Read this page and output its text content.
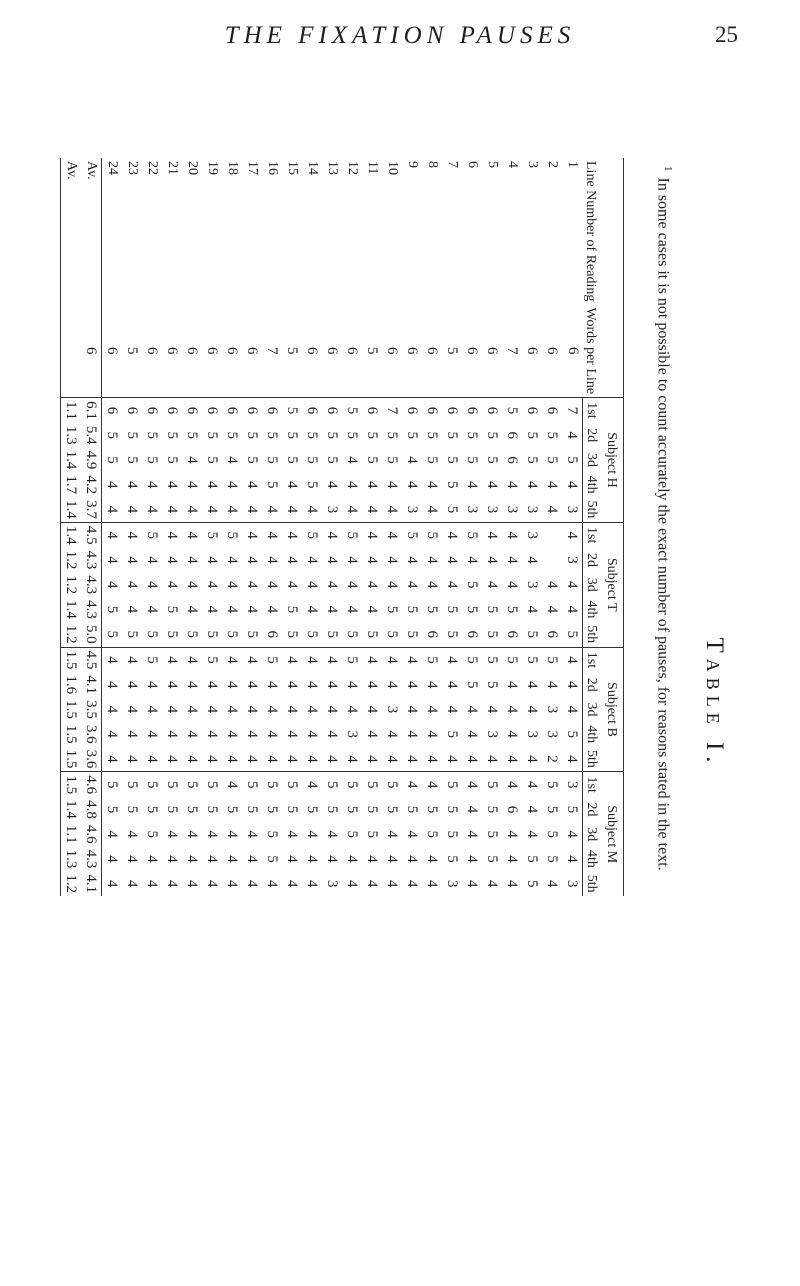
THE FIXATION PAUSES	25
Table I.
$^1$In some cases it is not possible to count accurately the exact number of pauses, for reasons stated in the text.
Line Number of Reading	Words per Line	Subject H					Subject T					Subject B					Subject M				
		1st	2d	3d	4th	5th	1st	2d	3d	4th	5th	1st	2d	3d	4th	5th	1st	2d	3d	4th	5th
1	6	7	4	5	4	3	4	3	4	4	5	4	4	4	5	4	3	5	4	4	3
2	6	6	5	5	4	4			4	4	6	5	4	3	3	2	5	5	5	5	4
3	6	6	5	5	4	3	3	4	3	4	5	5	4	4	3	4	4	4	4	5	5
4	7	5	6	6	4	3	4	4	4	5	6	5	4	4	4	4	4	6	4	4	4
5	6	6	5	5	4	3	4	4	4	5	5	5	5	4	3	4	5	5	5	5	4
6	6	6	5	5	4	3	5	4	5	5	6	5	5	4	4	4	4	4	4	4	4
7	5	6	5	5	5	5	4	4	4	5	5	4	4	4	5	4	5	5	5	5	3
8	6	6	5	5	4	4	5	4	4	5	6	5	4	4	4	4	4	5	5	4	4
9	6	6	5	4	4	3	5	4	4	5	5	4	4	4	4	4	4	5	4	4	4
10	6	7	5	5	4	4	4	4	4	5	5	4	4	3	4	4	5	5	4	4	4
11	5	6	5	5	4	4	4	4	4	4	5	4	4	4	4	4	5	5	5	4	4
12	6	5	5	4	4	4	5	4	4	4	5	5	4	4	3	4	5	5	5	4	4
13	6	6	5	5	4	3	4	4	4	4	5	4	4	4	4	4	5	5	4	4	3
14	6	6	5	5	5	4	5	4	4	4	5	4	4	4	4	4	4	5	4	4	4
15	5	5	5	5	4	4	4	4	4	5	5	4	4	4	4	4	5	5	4	4	4
16	7	6	5	5	5	4	4	4	4	4	6	5	4	4	4	4	5	5	5	5	4
17	6	6	5	5	4	4	4	4	4	4	5	4	4	4	4	4	5	5	4	4	4
18	6	6	5	4	4	4	5	4	4	4	5	4	4	4	4	4	4	5	4	4	4
19	6	6	5	5	4	4	5	4	4	4	5	5	4	4	4	4	5	5	4	4	4
20	6	6	5	4	4	4	4	4	4	4	5	4	4	4	4	4	5	5	4	4	4
21	6	6	5	5	4	4	4	4	4	5	5	4	4	4	4	4	5	5	4	4	4
22	6	6	5	5	4	4	5	4	4	4	5	5	4	4	4	4	5	5	5	4	4
23	5	6	5	5	4	4	4	4	4	4	5	4	4	4	4	4	5	5	4	4	4
24	6	6	5	5	4	4	4	4	4	5	5	4	4	4	4	4	5	5	4	4	4
Av.	6	6.1	5.4	4.9	4.2	3.7	4.5	4.3	4.3	4.3	5.0	4.5	4.1	3.5	3.6	3.6	4.6	4.8	4.6	4.3	4.1
Av.		1.1	1.3	1.4	1.7	1.4	1.4	1.2	1.2	1.4	1.2	1.5	1.6	1.5	1.5	1.5	1.5	1.4	1.1	1.3	1.2
